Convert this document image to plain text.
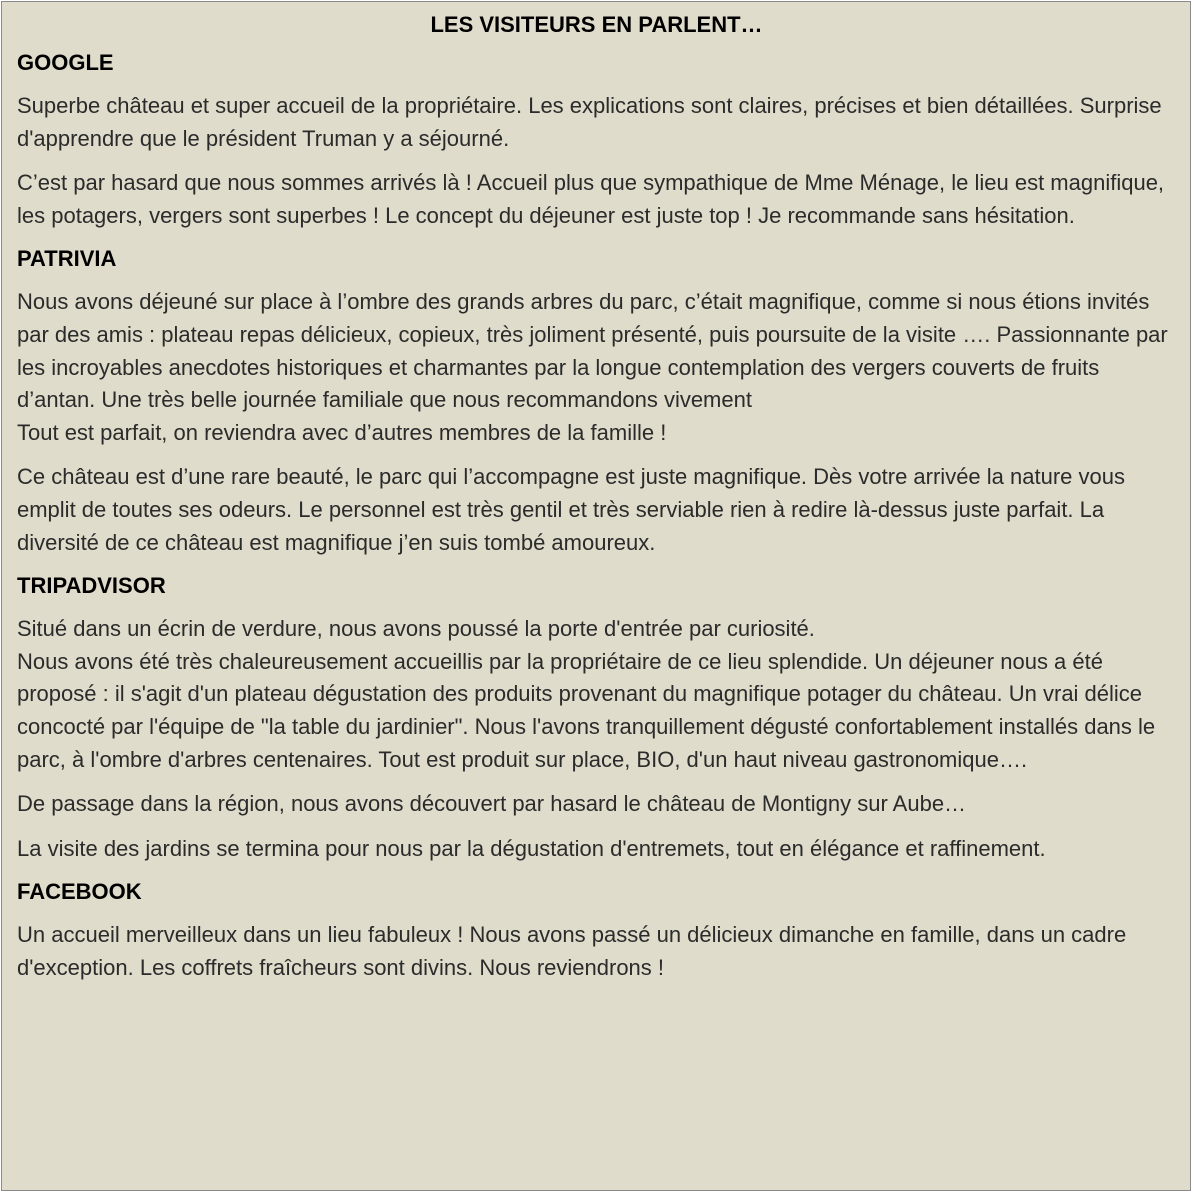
LES VISITEURS EN PARLENT…
GOOGLE

Superbe château et super accueil de la propriétaire. Les explications sont claires, précises et bien détaillées. Surprise d'apprendre que le président Truman y a séjourné.

C’est par hasard que nous sommes arrivés là ! Accueil plus que sympathique de Mme Ménage, le lieu est magnifique, les potagers, vergers sont superbes ! Le concept du déjeuner est juste top ! Je recommande sans hésitation.

PATRIVIA

Nous avons déjeuné sur place à l’ombre des grands arbres du parc, c’était magnifique, comme si nous étions invités par des amis : plateau repas délicieux, copieux, très joliment présenté, puis poursuite de la visite …. Passionnante par les incroyables anecdotes historiques et charmantes par la longue contemplation des vergers couverts de fruits d’antan. Une très belle journée familiale que nous recommandons vivement
Tout est parfait, on reviendra avec d’autres membres de la famille !

Ce château est d’une rare beauté, le parc qui l’accompagne est juste magnifique. Dès votre arrivée la nature vous emplit de toutes ses odeurs. Le personnel est très gentil et très serviable rien à redire là-dessus juste parfait. La diversité de ce château est magnifique j’en suis tombé amoureux.

TRIPADVISOR

Situé dans un écrin de verdure, nous avons poussé la porte d'entrée par curiosité.
Nous avons été très chaleureusement accueillis par la propriétaire de ce lieu splendide. Un déjeuner nous a été proposé : il s'agit d'un plateau dégustation des produits provenant du magnifique potager du château. Un vrai délice concocté par l'équipe de "la table du jardinier". Nous l'avons tranquillement dégusté confortablement installés dans le parc, à l'ombre d'arbres centenaires. Tout est produit sur place, BIO, d'un haut niveau gastronomique….

De passage dans la région, nous avons découvert par hasard le château de Montigny sur Aube…

La visite des jardins se termina pour nous par la dégustation d'entremets, tout en élégance et raffinement.

FACEBOOK

Un accueil merveilleux dans un lieu fabuleux ! Nous avons passé un délicieux dimanche en famille, dans un cadre d'exception. Les coffrets fraîcheurs sont divins. Nous reviendrons !
